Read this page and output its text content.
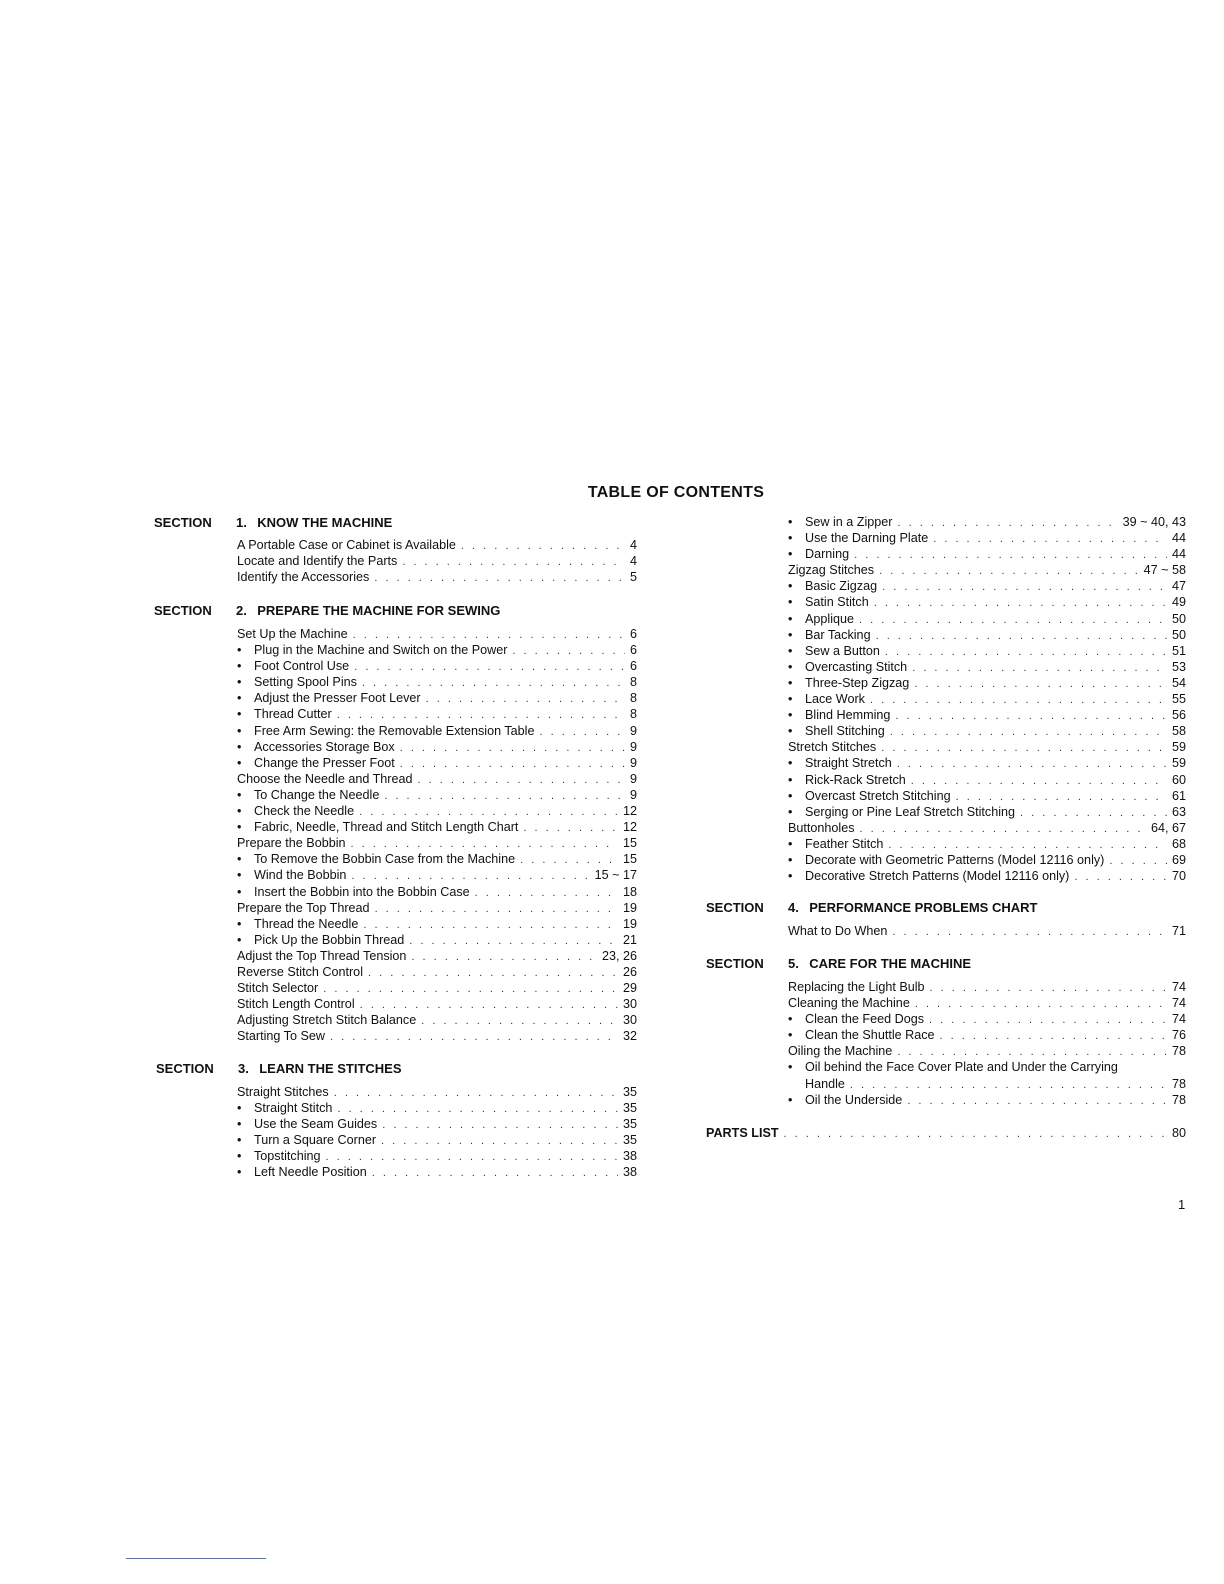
TABLE OF CONTENTS
SECTION 1. KNOW THE MACHINE
A Portable Case or Cabinet is Available . . .	4
Locate and Identify the Parts . . .	4
Identify the Accessories . . .	5
SECTION 2. PREPARE THE MACHINE FOR SEWING
Set Up the Machine . . .	6
• Plug in the Machine and Switch on the Power . . .	6
• Foot Control Use . . .	6
• Setting Spool Pins . . .	8
• Adjust the Presser Foot Lever . . .	8
• Thread Cutter . . .	8
• Free Arm Sewing: the Removable Extension Table . . .	9
• Accessories Storage Box . . .	9
• Change the Presser Foot . . .	9
Choose the Needle and Thread . . .	9
• To Change the Needle . . .	9
• Check the Needle . . .	12
• Fabric, Needle, Thread and Stitch Length Chart . . .	12
Prepare the Bobbin . . .	15
• To Remove the Bobbin Case from the Machine . . .	15
• Wind the Bobbin . . .	15 ~ 17
• Insert the Bobbin into the Bobbin Case . . .	18
Prepare the Top Thread . . .	19
• Thread the Needle . . .	19
• Pick Up the Bobbin Thread . . .	21
Adjust the Top Thread Tension . . .	23, 26
Reverse Stitch Control . . .	26
Stitch Selector . . .	29
Stitch Length Control . . .	30
Adjusting Stretch Stitch Balance . . .	30
Starting To Sew . . .	32
SECTION 3. LEARN THE STITCHES
Straight Stitches . . .	35
• Straight Stitch . . .	35
• Use the Seam Guides . . .	35
• Turn a Square Corner . . .	35
• Topstitching . . .	38
• Left Needle Position . . .	38
• Sew in a Zipper . . .	39 ~ 40, 43
• Use the Darning Plate . . .	44
• Darning . . .	44
Zigzag Stitches . . .	47 ~ 58
• Basic Zigzag . . .	47
• Satin Stitch . . .	49
• Applique . . .	50
• Bar Tacking . . .	50
• Sew a Button . . .	51
• Overcasting Stitch . . .	53
• Three-Step Zigzag . . .	54
• Lace Work . . .	55
• Blind Hemming . . .	56
• Shell Stitching . . .	58
Stretch Stitches . . .	59
• Straight Stretch . . .	59
• Rick-Rack Stretch . . .	60
• Overcast Stretch Stitching . . .	61
• Serging or Pine Leaf Stretch Stitching . . .	63
Buttonholes . . .	64, 67
• Feather Stitch . . .	68
• Decorate with Geometric Patterns (Model 12116 only) . . .	69
• Decorative Stretch Patterns (Model 12116 only) . . .	70
SECTION 4. PERFORMANCE PROBLEMS CHART
What to Do When . . .	71
SECTION 5. CARE FOR THE MACHINE
Replacing the Light Bulb . . .	74
Cleaning the Machine . . .	74
• Clean the Feed Dogs . . .	74
• Clean the Shuttle Race . . .	76
Oiling the Machine . . .	78
• Oil behind the Face Cover Plate and Under the Carrying
Handle . . .	78
• Oil the Underside . . .	78
PARTS LIST . . .	80
1
